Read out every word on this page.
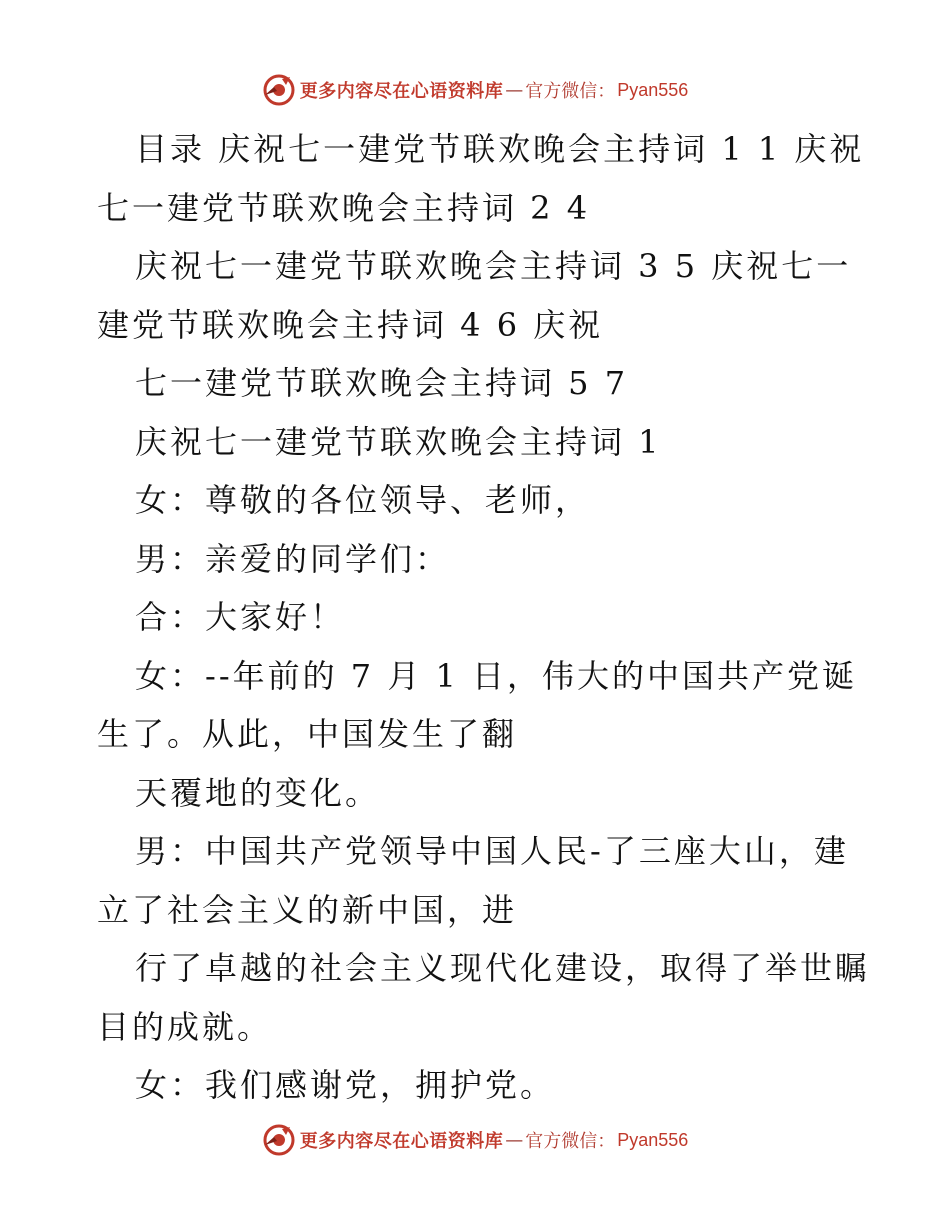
更多内容尽在心语资料库 — 官方微信： Pyan556
目录 庆祝七一建党节联欢晚会主持词 1 1 庆祝
七一建党节联欢晚会主持词 2 4
庆祝七一建党节联欢晚会主持词 3 5 庆祝七一
建党节联欢晚会主持词 4 6 庆祝
七一建党节联欢晚会主持词 5 7
庆祝七一建党节联欢晚会主持词 1
女：尊敬的各位领导、老师，
男：亲爱的同学们：
合：大家好！
女：--年前的 7 月 1 日，伟大的中国共产党诞
生了。从此，中国发生了翻
天覆地的变化。
男：中国共产党领导中国人民-了三座大山，建
立了社会主义的新中国，进
行了卓越的社会主义现代化建设，取得了举世瞩
目的成就。
女：我们感谢党，拥护党。
更多内容尽在心语资料库 — 官方微信： Pyan556
